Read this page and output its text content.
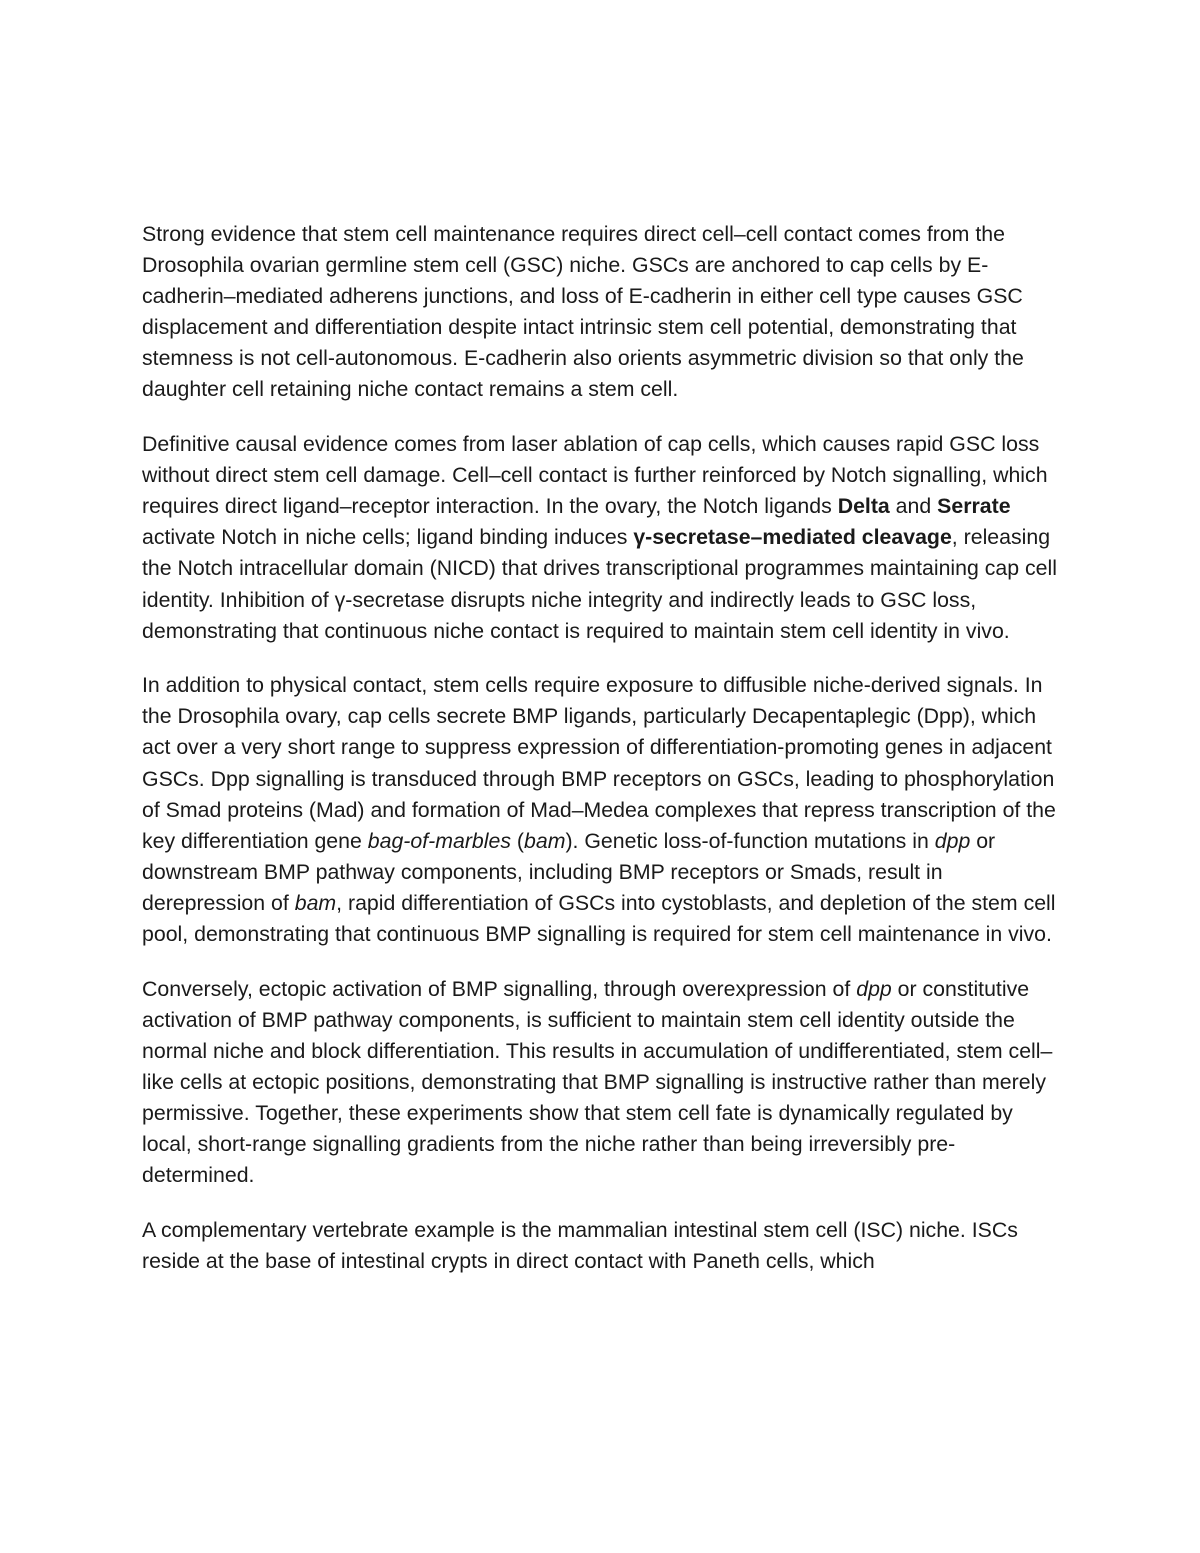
Strong evidence that stem cell maintenance requires direct cell–cell contact comes from the Drosophila ovarian germline stem cell (GSC) niche. GSCs are anchored to cap cells by E-cadherin–mediated adherens junctions, and loss of E-cadherin in either cell type causes GSC displacement and differentiation despite intact intrinsic stem cell potential, demonstrating that stemness is not cell-autonomous. E-cadherin also orients asymmetric division so that only the daughter cell retaining niche contact remains a stem cell.

Definitive causal evidence comes from laser ablation of cap cells, which causes rapid GSC loss without direct stem cell damage. Cell–cell contact is further reinforced by Notch signalling, which requires direct ligand–receptor interaction. In the ovary, the Notch ligands Delta and Serrate activate Notch in niche cells; ligand binding induces γ-secretase–mediated cleavage, releasing the Notch intracellular domain (NICD) that drives transcriptional programmes maintaining cap cell identity. Inhibition of γ-secretase disrupts niche integrity and indirectly leads to GSC loss, demonstrating that continuous niche contact is required to maintain stem cell identity in vivo.

In addition to physical contact, stem cells require exposure to diffusible niche-derived signals. In the Drosophila ovary, cap cells secrete BMP ligands, particularly Decapentaplegic (Dpp), which act over a very short range to suppress expression of differentiation-promoting genes in adjacent GSCs. Dpp signalling is transduced through BMP receptors on GSCs, leading to phosphorylation of Smad proteins (Mad) and formation of Mad–Medea complexes that repress transcription of the key differentiation gene bag-of-marbles (bam). Genetic loss-of-function mutations in dpp or downstream BMP pathway components, including BMP receptors or Smads, result in derepression of bam, rapid differentiation of GSCs into cystoblasts, and depletion of the stem cell pool, demonstrating that continuous BMP signalling is required for stem cell maintenance in vivo.

Conversely, ectopic activation of BMP signalling, through overexpression of dpp or constitutive activation of BMP pathway components, is sufficient to maintain stem cell identity outside the normal niche and block differentiation. This results in accumulation of undifferentiated, stem cell–like cells at ectopic positions, demonstrating that BMP signalling is instructive rather than merely permissive. Together, these experiments show that stem cell fate is dynamically regulated by local, short-range signalling gradients from the niche rather than being irreversibly pre-determined.

A complementary vertebrate example is the mammalian intestinal stem cell (ISC) niche. ISCs reside at the base of intestinal crypts in direct contact with Paneth cells, which
